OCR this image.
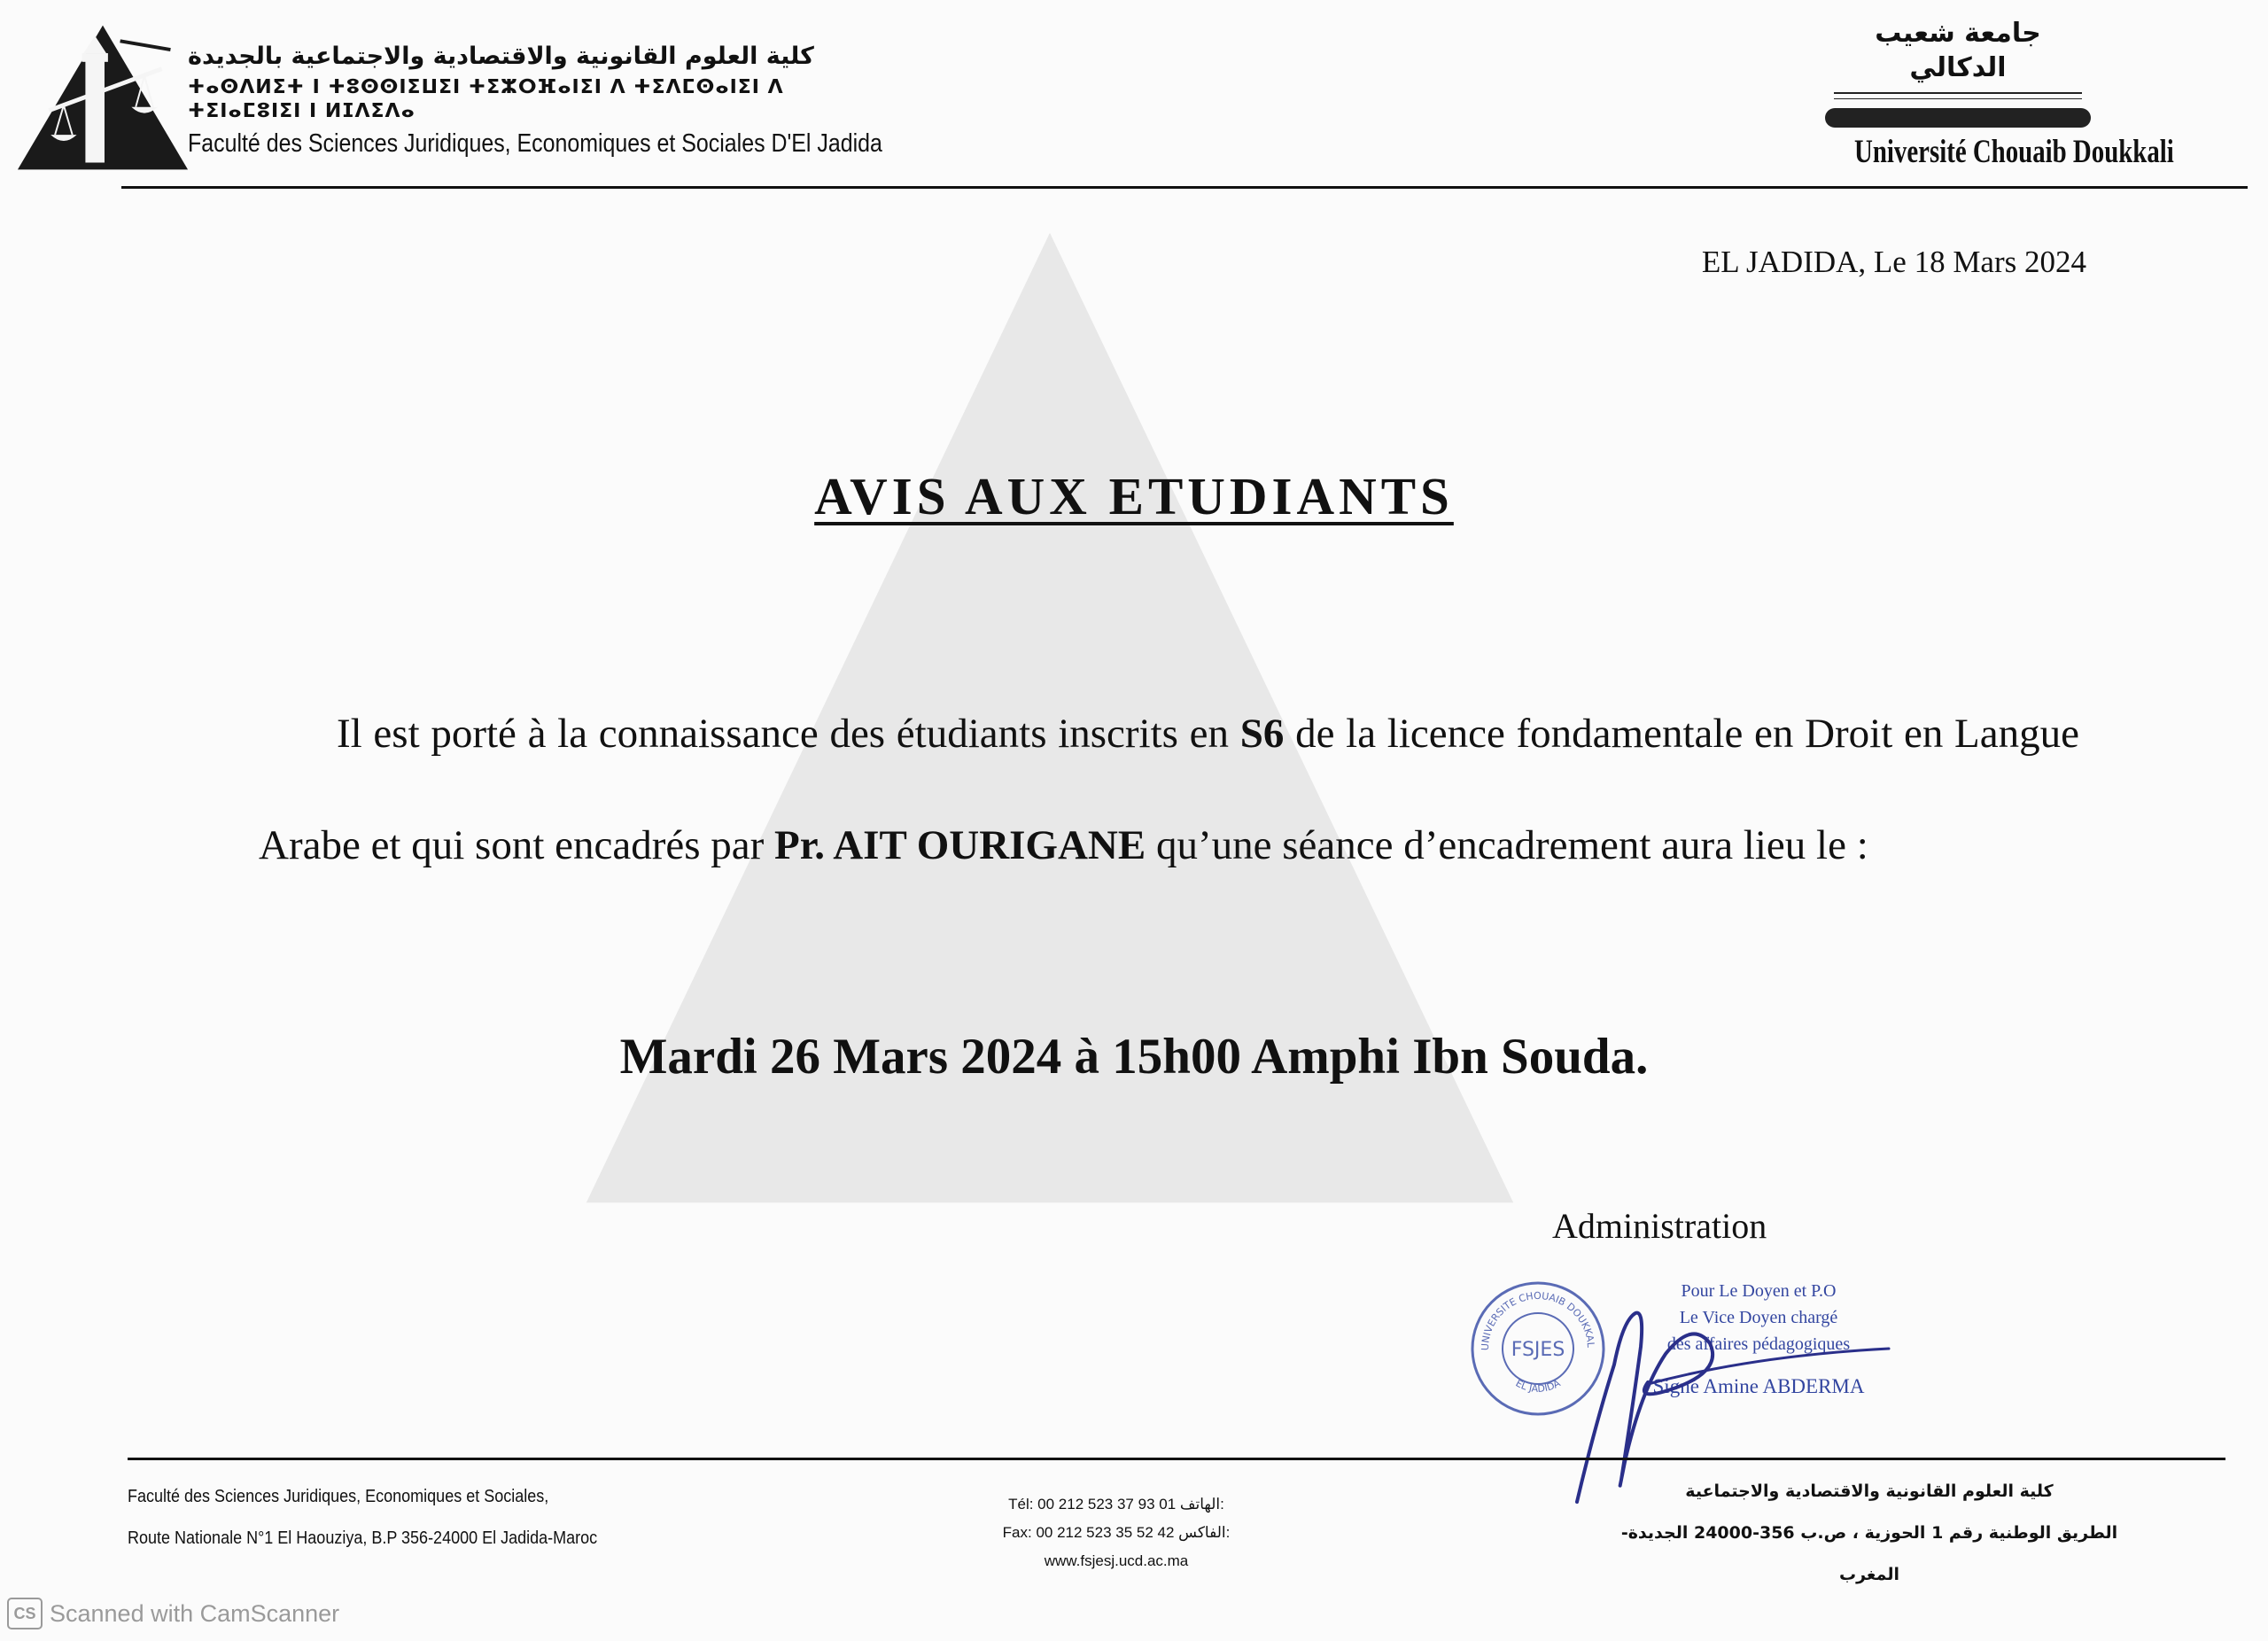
كلية العلوم القانونية والاقتصادية والاجتماعية بالجديدة
ⵜⴰⵙⴷⵍⵉⵜ ⵏ ⵜⵓⵙⵙⵏⵉⵡⵉⵏ ⵜⵉⵣⵔⴼⴰⵏⵉⵏ ⴷ ⵜⵉⴷⵎⵙⴰⵏⵉⵏ ⴷ ⵜⵉⵏⴰⵎⵓⵏⵉⵏ ⵏ ⵍⵊⴷⵉⴷⴰ
Faculté des Sciences Juridiques, Economiques et Sociales D'El Jadida
جامعة شعيب الدكالي
Université Chouaib Doukkali
EL JADIDA, Le 18 Mars 2024
AVIS AUX ETUDIANTS
Il est porté à la connaissance des étudiants inscrits en S6 de la licence fondamentale en Droit en Langue Arabe et qui sont encadrés par Pr. AIT OURIGANE qu’une séance d’encadrement aura lieu le :
Mardi 26 Mars 2024 à 15h00 Amphi Ibn Souda.
Administration
UNIVERSITE CHOUAIB DOUKKAL
EL JADIDA
FSJES
Pour Le Doyen et P.O
Le Vice Doyen chargé
des affaires pédagogiques
Signé Amine ABDERMA
Faculté des Sciences Juridiques, Economiques et Sociales,
Route Nationale N°1 El Haouziya, B.P 356-24000 El Jadida-Maroc
Tél: 00 212 523 37 93 01 الهاتف:
Fax: 00 212 523 35 52 42 الفاكس:
www.fsjesj.ucd.ac.ma
كلية العلوم القانونية والاقتصادية والاجتماعية
الطريق الوطنية رقم 1 الحوزية ، ص.ب 356-24000 الجديدة-المغرب
CS Scanned with CamScanner
